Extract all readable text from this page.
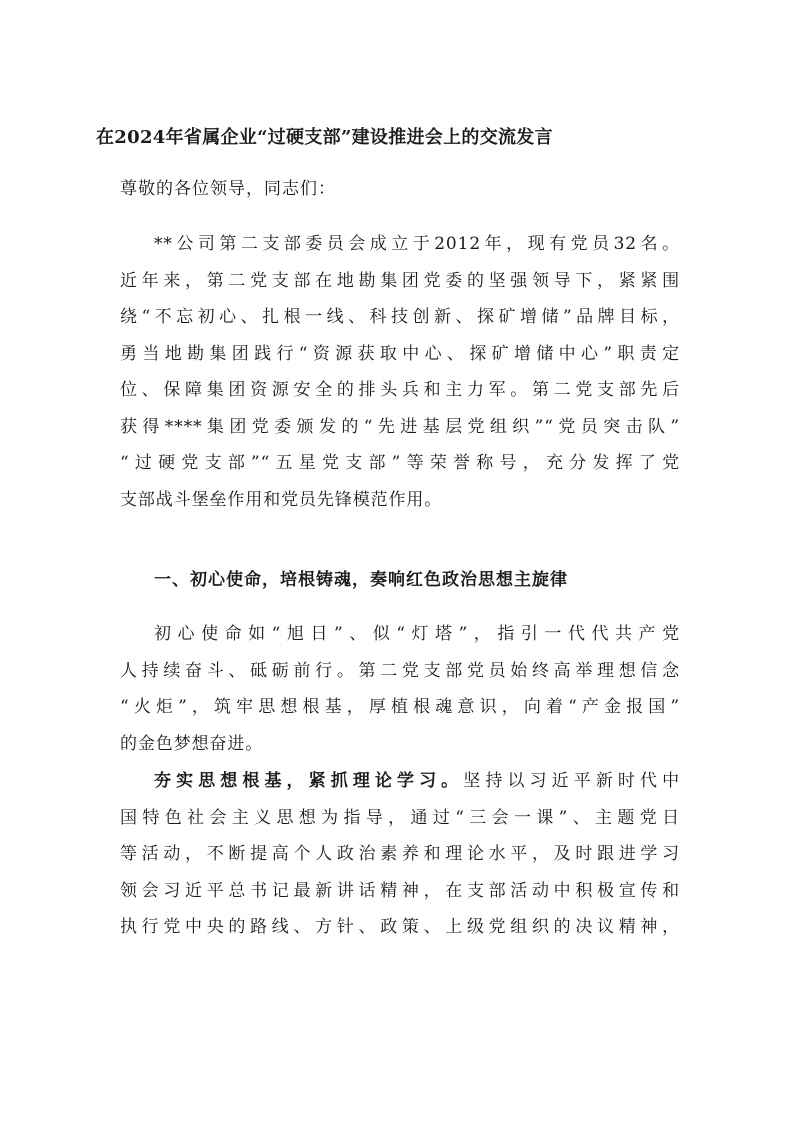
在2024年省属企业“过硬支部”建设推进会上的交流发言
尊敬的各位领导，同志们：
**公司第二支部委员会成立于2012年，现有党员32名。
近年来，第二党支部在地勘集团党委的坚强领导下，紧紧围
绕“不忘初心、扎根一线、科技创新、探矿增储”品牌目标，
勇当地勘集团践行“资源获取中心、探矿增储中心”职责定
位、保障集团资源安全的排头兵和主力军。第二党支部先后
获得****集团党委颁发的“先进基层党组织”“党员突击队”
“过硬党支部”“五星党支部”等荣誉称号，充分发挥了党
支部战斗堡垒作用和党员先锋模范作用。
一、初心使命，培根铸魂，奏响红色政治思想主旋律
初心使命如“旭日”、似“灯塔”，指引一代代共产党
人持续奋斗、砥砺前行。第二党支部党员始终高举理想信念
“火炬”，筑牢思想根基，厚植根魂意识，向着“产金报国”
的金色梦想奋进。
夯实思想根基，紧抓理论学习。坚持以习近平新时代中
国特色社会主义思想为指导，通过“三会一课”、主题党日
等活动，不断提高个人政治素养和理论水平，及时跟进学习
领会习近平总书记最新讲话精神，在支部活动中积极宣传和
执行党中央的路线、方针、政策、上级党组织的决议精神，
